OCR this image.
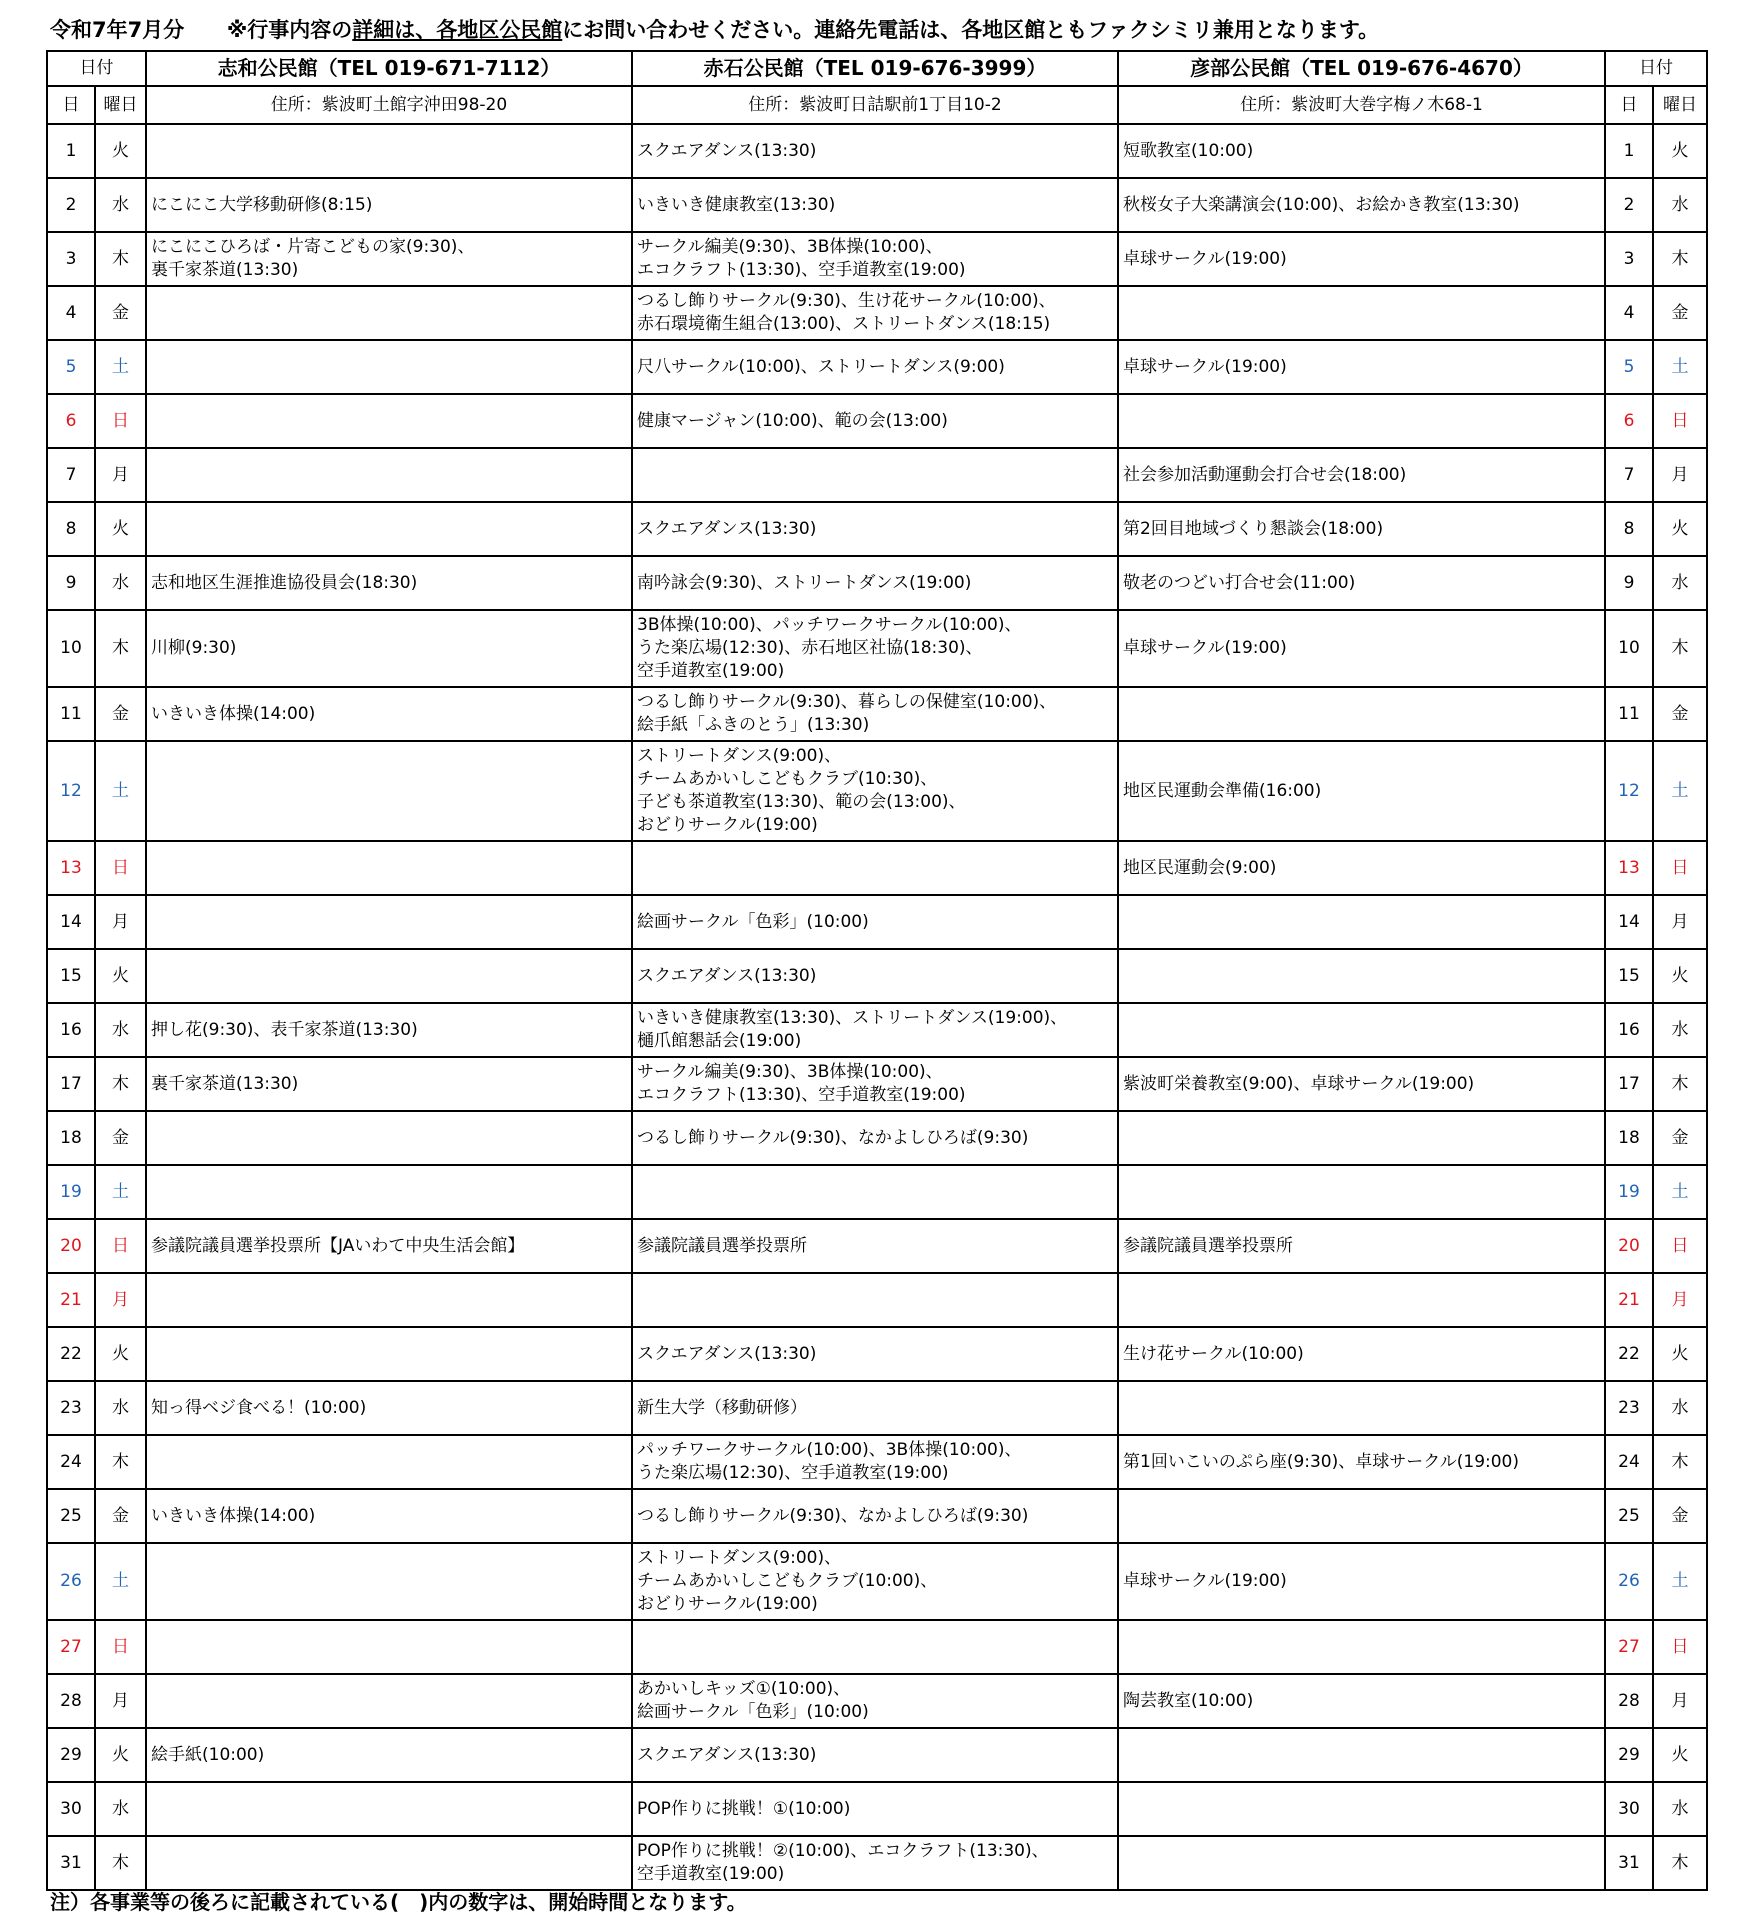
令和7年7月分 ※行事内容の詳細は、各地区公民館にお問い合わせください。連絡先電話は、各地区館ともファクシミリ兼用となります。
日付		志和公民館（TEL 019-671-7112）	赤石公民館（TEL 019-676-3999）	彦部公民館（TEL 019-676-4670）	日付	
日	曜日	住所：紫波町土館字沖田98-20	住所：紫波町日詰駅前1丁目10-2	住所：紫波町大巻字梅ノ木68-1	日	曜日
1	火		スクエアダンス(13:30)	短歌教室(10:00)	1	火
2	水	にこにこ大学移動研修(8:15)	いきいき健康教室(13:30)	秋桜女子大楽講演会(10:00)、お絵かき教室(13:30)	2	水
3	木	にこにこひろば・片寄こどもの家(9:30)、
裏千家茶道(13:30)	サークル編美(9:30)、3B体操(10:00)、
エコクラフト(13:30)、空手道教室(19:00)	卓球サークル(19:00)	3	木
4	金		つるし飾りサークル(9:30)、生け花サークル(10:00)、
赤石環境衛生組合(13:00)、ストリートダンス(18:15)		4	金
5	土		尺八サークル(10:00)、ストリートダンス(9:00)	卓球サークル(19:00)	5	土
6	日		健康マージャン(10:00)、範の会(13:00)		6	日
7	月			社会参加活動運動会打合せ会(18:00)	7	月
8	火		スクエアダンス(13:30)	第2回目地域づくり懇談会(18:00)	8	火
9	水	志和地区生涯推進協役員会(18:30)	南吟詠会(9:30)、ストリートダンス(19:00)	敬老のつどい打合せ会(11:00)	9	水
10	木	川柳(9:30)	3B体操(10:00)、パッチワークサークル(10:00)、
うた楽広場(12:30)、赤石地区社協(18:30)、
空手道教室(19:00)	卓球サークル(19:00)	10	木
11	金	いきいき体操(14:00)	つるし飾りサークル(9:30)、暮らしの保健室(10:00)、
絵手紙「ふきのとう」(13:30)		11	金
12	土		ストリートダンス(9:00)、
チームあかいしこどもクラブ(10:30)、
子ども茶道教室(13:30)、範の会(13:00)、
おどりサークル(19:00)	地区民運動会準備(16:00)	12	土
13	日			地区民運動会(9:00)	13	日
14	月		絵画サークル「色彩」(10:00)		14	月
15	火		スクエアダンス(13:30)		15	火
16	水	押し花(9:30)、表千家茶道(13:30)	いきいき健康教室(13:30)、ストリートダンス(19:00)、
樋爪館懇話会(19:00)		16	水
17	木	裏千家茶道(13:30)	サークル編美(9:30)、3B体操(10:00)、
エコクラフト(13:30)、空手道教室(19:00)	紫波町栄養教室(9:00)、卓球サークル(19:00)	17	木
18	金		つるし飾りサークル(9:30)、なかよしひろば(9:30)		18	金
19	土				19	土
20	日	参議院議員選挙投票所【JAいわて中央生活会館】	参議院議員選挙投票所	参議院議員選挙投票所	20	日
21	月				21	月
22	火		スクエアダンス(13:30)	生け花サークル(10:00)	22	火
23	水	知っ得ベジ食べる！(10:00)	新生大学（移動研修）		23	水
24	木		パッチワークサークル(10:00)、3B体操(10:00)、
うた楽広場(12:30)、空手道教室(19:00)	第1回いこいのぷら座(9:30)、卓球サークル(19:00)	24	木
25	金	いきいき体操(14:00)	つるし飾りサークル(9:30)、なかよしひろば(9:30)		25	金
26	土		ストリートダンス(9:00)、
チームあかいしこどもクラブ(10:00)、
おどりサークル(19:00)	卓球サークル(19:00)	26	土
27	日				27	日
28	月		あかいしキッズ①(10:00)、
絵画サークル「色彩」(10:00)	陶芸教室(10:00)	28	月
29	火	絵手紙(10:00)	スクエアダンス(13:30)		29	火
30	水		POP作りに挑戦！①(10:00)		30	水
31	木		POP作りに挑戦！②(10:00)、エコクラフト(13:30)、
空手道教室(19:00)		31	木
注）各事業等の後ろに記載されている(　)内の数字は、開始時間となります。
